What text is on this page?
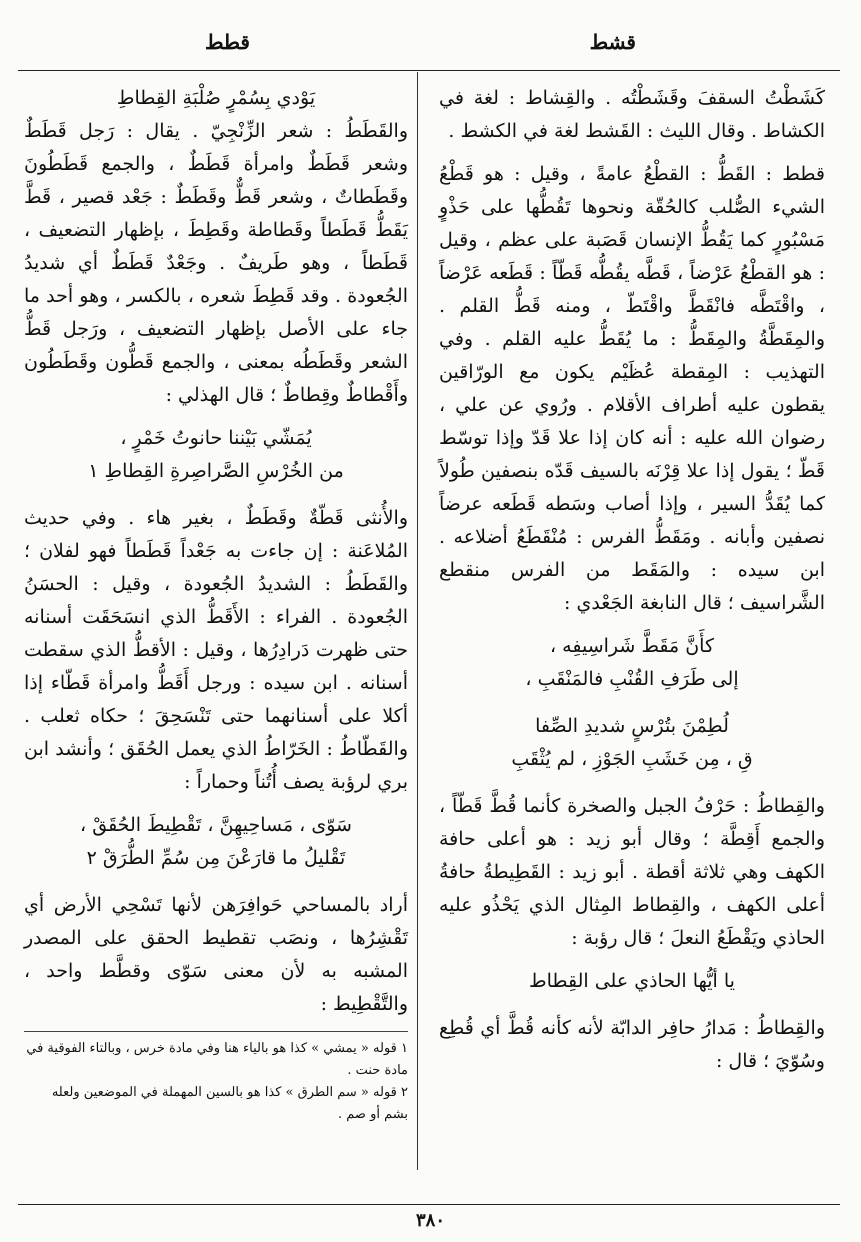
قشط
قطط

كَشَطْتُ السقفَ وقَشَطْتُه . والقِشاط : لغة في الكشاط . وقال الليث : القَشط لغة في الكشط .

قطط : القَطُّ : القطْعُ عامةً ، وقيل : هو قَطْعُ الشيء الصُّلب كالحُقّة ونحوها تَقُطُّها على حَذْوٍ مَسْبُورٍ كما يَقُطُّ الإنسان قَصَبة على عظم ، وقيل : هو القطْعُ عَرْضاً ، قَطَّه يقُطُّه قَطّاً : قَطَعه عَرْضاً ، واقْتَطَّه فانْقَطَّ واقْتَطّ ، ومنه قَطُّ القلم . والمِقَطَّةُ والمِقَطُّ : ما يُقَطُّ عليه القلم . وفي التهذيب : المِقطة عُظَيْم يكون مع الورّاقين يقطون عليه أطراف الأقلام . ورُوي عن علي ، رضوان الله عليه : أنه كان إذا علا قَدّ وإذا توسّط قَطّ ؛ يقول إذا علا قِرْنَه بالسيف قَدّه بنصفين طُولاً كما يُقَدُّ السير ، وإذا أصاب وسَطه قَطَعه عرضاً نصفين وأبانه . ومَقَطُّ الفرس : مُنْقَطَعُ أضلاعه . ابن سيده : والمَقَط من الفرس منقطع الشَّراسيف ؛ قال النابغة الجَعْدي :

كأَنَّ مَقَطَّ شَراسِيفِه ،

إلى طَرَفِ القُنْبِ فالمَنْقَبِ ،

لُطِمْنَ بتُرْسٍ شديدِ الصِّفا

قِ ، مِن خَشَبِ الجَوْزِ ، لم يُثْقَبِ

والقِطاطُ : حَرْفُ الجبل والصخرة كأنما قُطَّ قَطّاً ، والجمع أَقِطَّة ؛ وقال أبو زيد : هو أعلى حافة الكهف وهي ثلاثة أقطة . أبو زيد : القَطِيطةُ حافةُ أعلى الكهف ، والقِطاط المِثال الذي يَحْذُو عليه الحاذي ويَقْطَعُ النعلَ ؛ قال رؤبة :

يا أيُّها الحاذي على القِطاط

والقِطاطُ : مَدارُ حافِر الدابّة لأنه كأنه قُطَّ أي قُطِع وسُوّيَ ؛ قال :

يَوْدي بِسُمْرٍ صُلْبَةِ القِطاطِ

والقَطَطُ : شعر الزِّنْجِيّ . يقال : رَجل قَطَطٌ وشعر قَطَطٌ وامرأة قَطَطٌ ، والجمع قَطَطُونَ وقَطَطاتٌ ، وشعر قَطٌّ وقَطَطٌ : جَعْد قصير ، قَطَّ يَقَطُّ قَطَطاً وقَطاطة وقَطِطَ ، بإظهار التضعيف ، قَطَطاً ، وهو طَريفٌ . وجَعْدٌ قَطَطٌ أي شديدُ الجُعودة . وقد قَطِطَ شعره ، بالكسر ، وهو أحد ما جاء على الأصل بإظهار التضعيف ، ورَجل قَطُّ الشعر وقَطَطُه بمعنى ، والجمع قَطُّون وقَطَطُون وأَقْطاطٌ وقِطاطٌ ؛ قال الهذلي :

يُمَشّي بَيْننا حانوتُ خَمْرٍ ،

من الخُرْسِ الصَّراصِرةِ القِطاطِ ١

والأُنثى قَطّةٌ وقَطَطٌ ، بغير هاء . وفي حديث المُلاعَنة : إن جاءت به جَعْداً قَطَطاً فهو لفلان ؛ والقَطَطُ : الشديدُ الجُعودة ، وقيل : الحسَنُ الجُعودة . الفراء : الأَقَطُّ الذي انسَحَقَت أسنانه حتى ظهرت دَرادِرُها ، وقيل : الأقطُّ الذي سقطت أسنانه . ابن سيده : ورجل أَقَطُّ وامرأة قَطّاء إذا أكلا على أسنانهما حتى تَنْسَحِقَ ؛ حكاه ثعلب . والقَطّاطُ : الخَرّاطُ الذي يعمل الحُقَق ؛ وأنشد ابن بري لرؤبة يصف أُتُناً وحماراً :

سَوّى ، مَساحِيهِنَّ ، تَقْطِيطَ الحُقَقْ ،

تَقْليلُ ما قارَعْنَ مِن سُمِّ الطُّرَقْ ٢

أراد بالمساحي حَوافِرَهن لأنها تَسْحِي الأرض أي تَقْشِرُها ، ونصَب تقطيط الحقق على المصدر المشبه به لأن معنى سَوّى وقطَّط واحد ، والتَّقْطِيط :

١ قوله « يمشي » كذا هو بالياء هنا وفي مادة خرس ، وبالتاء الفوقية في مادة حنت .

٢ قوله « سم الطرق » كذا هو بالسين المهملة في الموضعين ولعله بشم أو صم .

٣٨٠
